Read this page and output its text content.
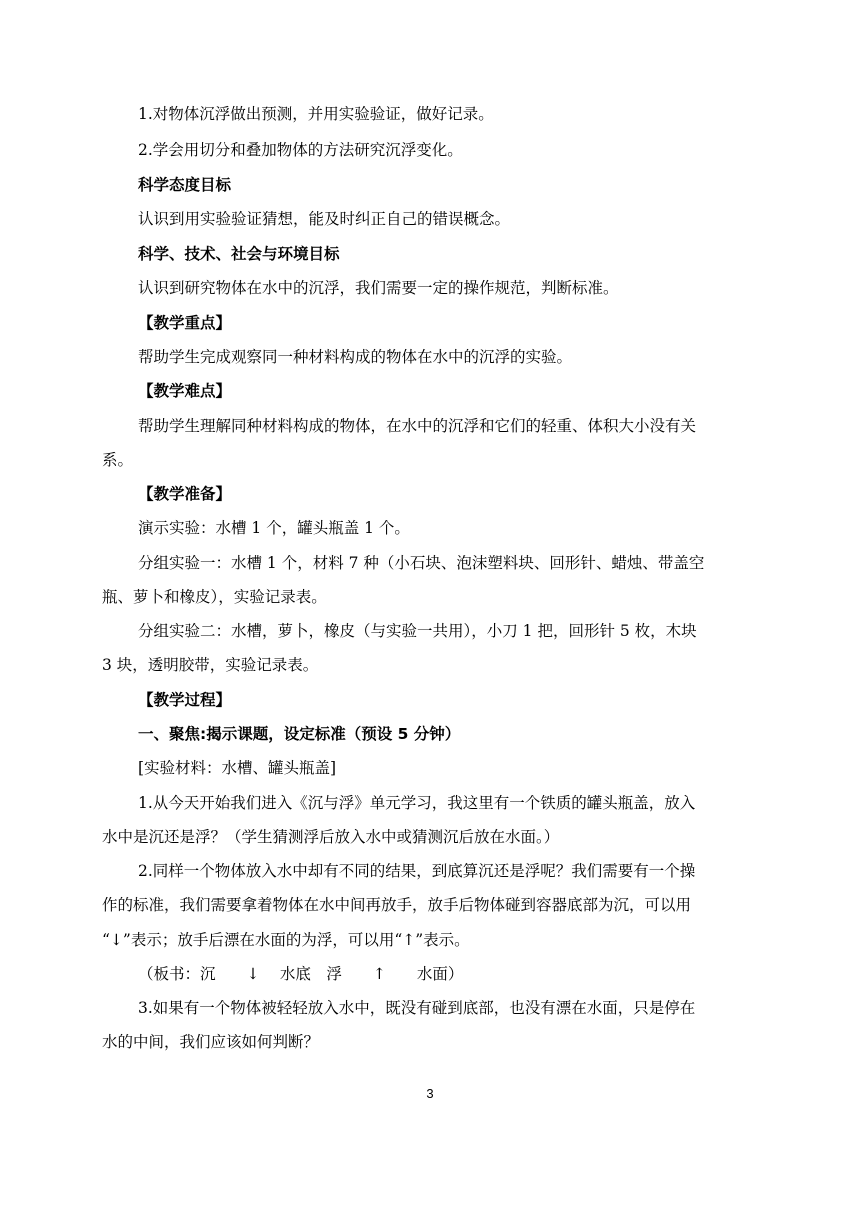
1.对物体沉浮做出预测，并用实验验证，做好记录。
2.学会用切分和叠加物体的方法研究沉浮变化。
科学态度目标
认识到用实验验证猜想，能及时纠正自己的错误概念。
科学、技术、社会与环境目标
认识到研究物体在水中的沉浮，我们需要一定的操作规范，判断标准。
【教学重点】
帮助学生完成观察同一种材料构成的物体在水中的沉浮的实验。
【教学难点】
帮助学生理解同种材料构成的物体，在水中的沉浮和它们的轻重、体积大小没有关
系。
【教学准备】
演示实验：水槽 1 个，罐头瓶盖 1 个。
分组实验一：水槽 1 个，材料 7 种（小石块、泡沫塑料块、回形针、蜡烛、带盖空
瓶、萝卜和橡皮），实验记录表。
分组实验二：水槽，萝卜，橡皮（与实验一共用），小刀 1 把，回形针 5 枚，木块
3 块，透明胶带，实验记录表。
【教学过程】
一、聚焦:揭示课题，设定标准（预设 5 分钟）
[实验材料：水槽、罐头瓶盖]
1.从今天开始我们进入《沉与浮》单元学习，我这里有一个铁质的罐头瓶盖，放入
水中是沉还是浮？（学生猜测浮后放入水中或猜测沉后放在水面。）
2.同样一个物体放入水中却有不同的结果，到底算沉还是浮呢？我们需要有一个操
作的标准，我们需要拿着物体在水中间再放手，放手后物体碰到容器底部为沉，可以用
“↓”表示；放手后漂在水面的为浮，可以用“↑”表示。
（板书：沉　　↓　 水底　浮　　↑　　水面）
3.如果有一个物体被轻轻放入水中，既没有碰到底部，也没有漂在水面，只是停在
水的中间，我们应该如何判断？
3
